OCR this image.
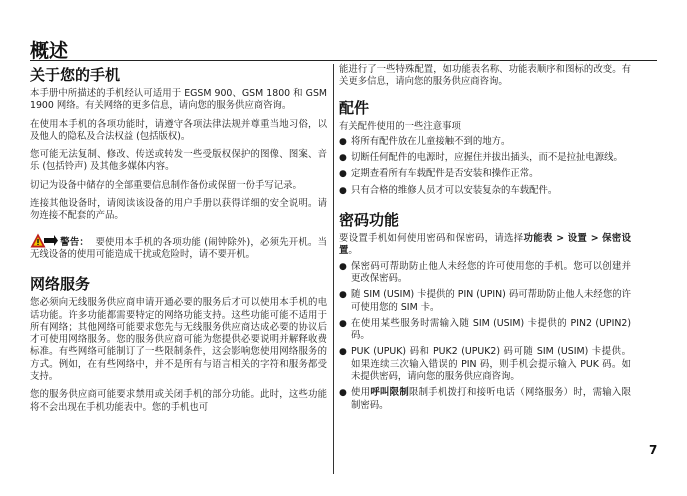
概述
关于您的手机

本手册中所描述的手机经认可适用于 EGSM 900、GSM 1800 和 GSM 1900 网络。有关网络的更多信息，请向您的服务供应商咨询。

在使用本手机的各项功能时，请遵守各项法律法规并尊重当地习俗，以及他人的隐私及合法权益 (包括版权)。

您可能无法复制、修改、传送或转发一些受版权保护的图像、图案、音乐 (包括铃声) 及其他多媒体内容。

切记为设备中储存的全部重要信息制作备份或保留一份手写记录。

连接其他设备时，请阅读该设备的用户手册以获得详细的安全说明。请勿连接不配套的产品。

警告： 要使用本手机的各项功能 (闹钟除外)，必须先开机。当无线设备的使用可能造成干扰或危险时，请不要开机。

网络服务

您必须向无线服务供应商申请开通必要的服务后才可以使用本手机的电话功能。许多功能都需要特定的网络功能支持。这些功能可能不适用于所有网络；其他网络可能要求您先与无线服务供应商达成必要的协议后才可使用网络服务。您的服务供应商可能为您提供必要说明并解释收费标准。有些网络可能制订了一些限制条件，这会影响您使用网络服务的方式。例如，在有些网络中，并不是所有与语言相关的字符和服务都受支持。

您的服务供应商可能要求禁用或关闭手机的部分功能。此时，这些功能将不会出现在手机功能表中。您的手机也可

能进行了一些特殊配置，如功能表名称、功能表顺序和图标的改变。有关更多信息，请向您的服务供应商咨询。

配件

有关配件使用的一些注意事项

● 将所有配件放在儿童接触不到的地方。
● 切断任何配件的电源时，应握住并拔出插头，而不是拉扯电源线。
● 定期查看所有车载配件是否安装和操作正常。
● 只有合格的维修人员才可以安装复杂的车载配件。
密码功能

要设置手机如何使用密码和保密码，请选择功能表 > 设置 > 保密设置。

● 保密码可帮助防止他人未经您的许可使用您的手机。您可以创建并更改保密码。
● 随 SIM (USIM) 卡提供的 PIN (UPIN) 码可帮助防止他人未经您的许可使用您的 SIM 卡。
● 在使用某些服务时需输入随 SIM (USIM) 卡提供的 PIN2 (UPIN2) 码。
● PUK (UPUK) 码和 PUK2 (UPUK2) 码可随 SIM (USIM) 卡提供。如果连续三次输入错误的 PIN 码，则手机会提示输入 PUK 码。如未提供密码，请向您的服务供应商咨询。
● 使用呼叫限制限制手机拨打和接听电话（网络服务）时，需输入限制密码。
7
